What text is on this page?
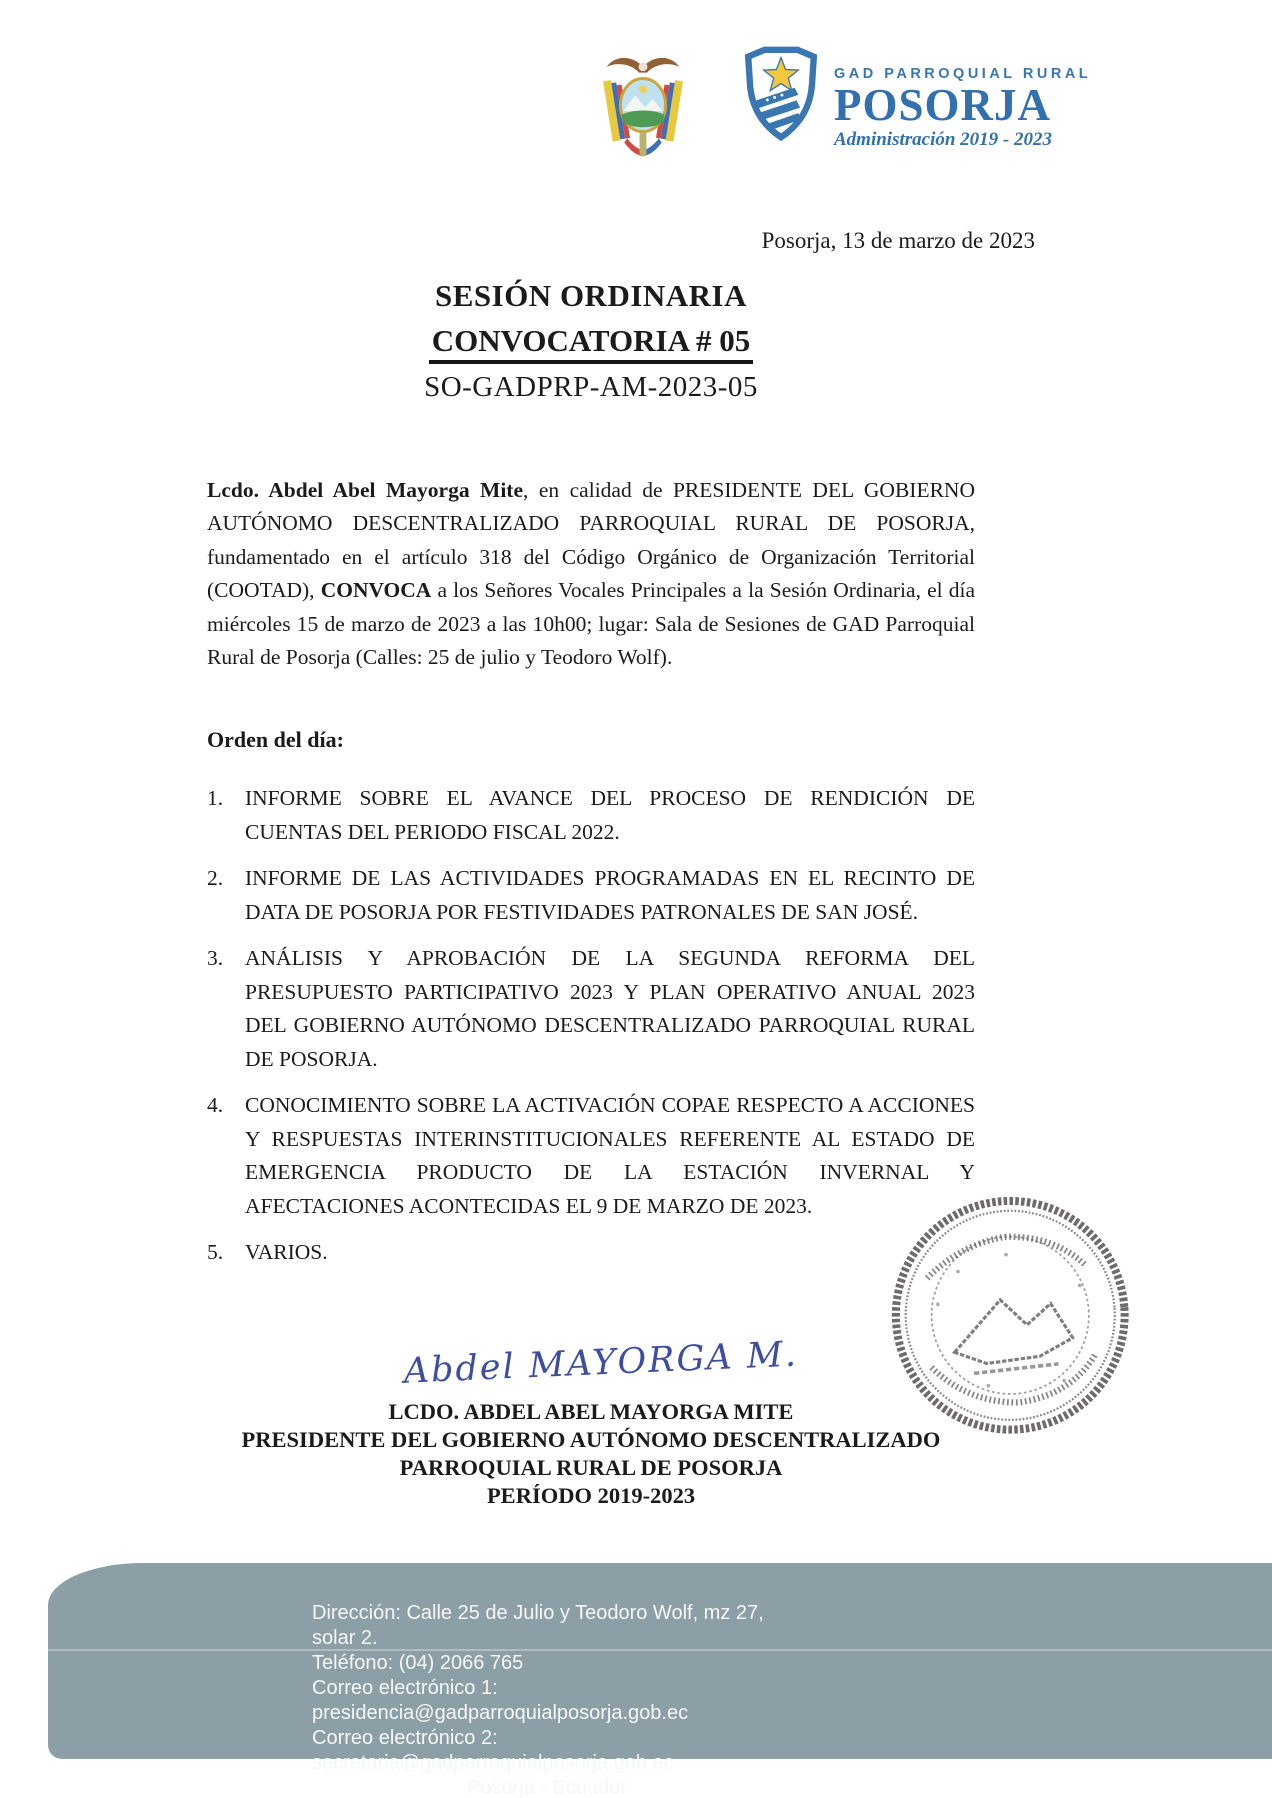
GAD PARROQUIAL RURAL
POSORJA
Administración 2019 - 2023
Posorja, 13 de marzo de 2023
SESIÓN ORDINARIA
CONVOCATORIA # 05
SO-GADPRP-AM-2023-05

Lcdo. Abdel Abel Mayorga Mite, en calidad de PRESIDENTE DEL GOBIERNO AUTÓNOMO DESCENTRALIZADO PARROQUIAL RURAL DE POSORJA, fundamentado en el artículo 318 del Código Orgánico de Organización Territorial (COOTAD), CONVOCA a los Señores Vocales Principales a la Sesión Ordinaria, el día miércoles 15 de marzo de 2023 a las 10h00; lugar: Sala de Sesiones de GAD Parroquial Rural de Posorja (Calles: 25 de julio y Teodoro Wolf).

Orden del día:
1.	INFORME SOBRE EL AVANCE DEL PROCESO DE RENDICIÓN DE CUENTAS DEL PERIODO FISCAL 2022.
2.	INFORME DE LAS ACTIVIDADES PROGRAMADAS EN EL RECINTO DE DATA DE POSORJA POR FESTIVIDADES PATRONALES DE SAN JOSÉ.
3.	ANÁLISIS Y APROBACIÓN DE LA SEGUNDA REFORMA DEL PRESUPUESTO PARTICIPATIVO 2023 Y PLAN OPERATIVO ANUAL 2023 DEL GOBIERNO AUTÓNOMO DESCENTRALIZADO PARROQUIAL RURAL DE POSORJA.
4.	CONOCIMIENTO SOBRE LA ACTIVACIÓN COPAE RESPECTO A ACCIONES Y RESPUESTAS INTERINSTITUCIONALES REFERENTE AL ESTADO DE EMERGENCIA PRODUCTO DE LA ESTACIÓN INVERNAL Y AFECTACIONES ACONTECIDAS EL 9 DE MARZO DE 2023.
5.	VARIOS.
Abdel MAYORGA M.
LCDO. ABDEL ABEL MAYORGA MITE
PRESIDENTE DEL GOBIERNO AUTÓNOMO DESCENTRALIZADO
PARROQUIAL RURAL DE POSORJA
PERÍODO 2019-2023
Dirección: Calle 25 de Julio y Teodoro Wolf, mz 27, solar 2.
Teléfono: (04) 2066 765
Correo electrónico 1: presidencia@gadparroquialposorja.gob.ec
Correo electrónico 2: secretaria@gadparroquialposorja.gob.ec
Posorja - Ecuador
